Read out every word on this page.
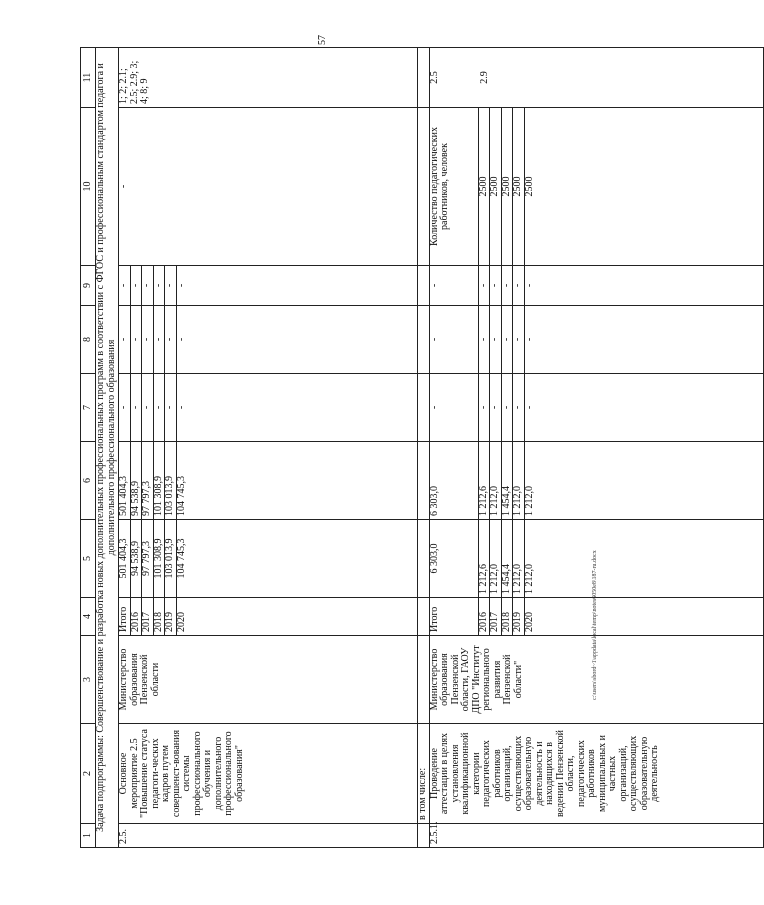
57
1	2	3	4	5	6	7	8	9	10	11
Задача подпрограммы: Совершенствование и разработка новых дополнительных профессиональных программ в соответствии с ФГОС и профессиональным стандартом педагога и дополнительного профессионального образования										
2.5.	Основное мероприятие 2.5 "Повышение статуса педагоги-ческих кадров путем совершенст-вования системы профессионального обучения и дополнительного профессионального образования"	Министерство образования Пензенской области	Итого	501 404,3	501 404,3	-	-	-	-	1; 2; 2.1; 2.5; 2.9; 3; 4; 8; 9
			2016	94 538,9	94 538,9	-	-	-		
			2017	97 797,3	97 797,3	-	-	-		
			2018	101 308,9	101 308,9	-	-	-		
			2019	103 013,9	103 013,9	-	-	-		
			2020	104 745,3	104 745,3	-	-	-		
	в том числе:									
2.5.1.	Проведение аттестации в целях установления квалификационной категории педагогических работников организаций, осуществляющих образовательную деятельность и находящихся в ведении Пензенской области, педагогических работников муниципальных и частных организаций, осуществляющих образовательную деятельность	Министерство образования Пензенской области, ГАОУ ДПО "Институт регионального развития Пензенской области"	Итого	6 303,0	6 303,0	-	-	-	Количество педагогических работников, человек	2.5 2.9

			2016	1 212,6	1 212,6	-	-	-	2500	
			2017	1 212,0	1 212,0	-	-	-	2500	
			2018	1 454,4	1 454,4	-	-	-	2500	
			2019	1 212,0	1 212,0	-	-	-	2500	
			2020	1 212,0	1 212,0	-	-	-	2500	
c:\users\sbord~1\appdata\local\temp\notes6050e8\187-ru.docx
